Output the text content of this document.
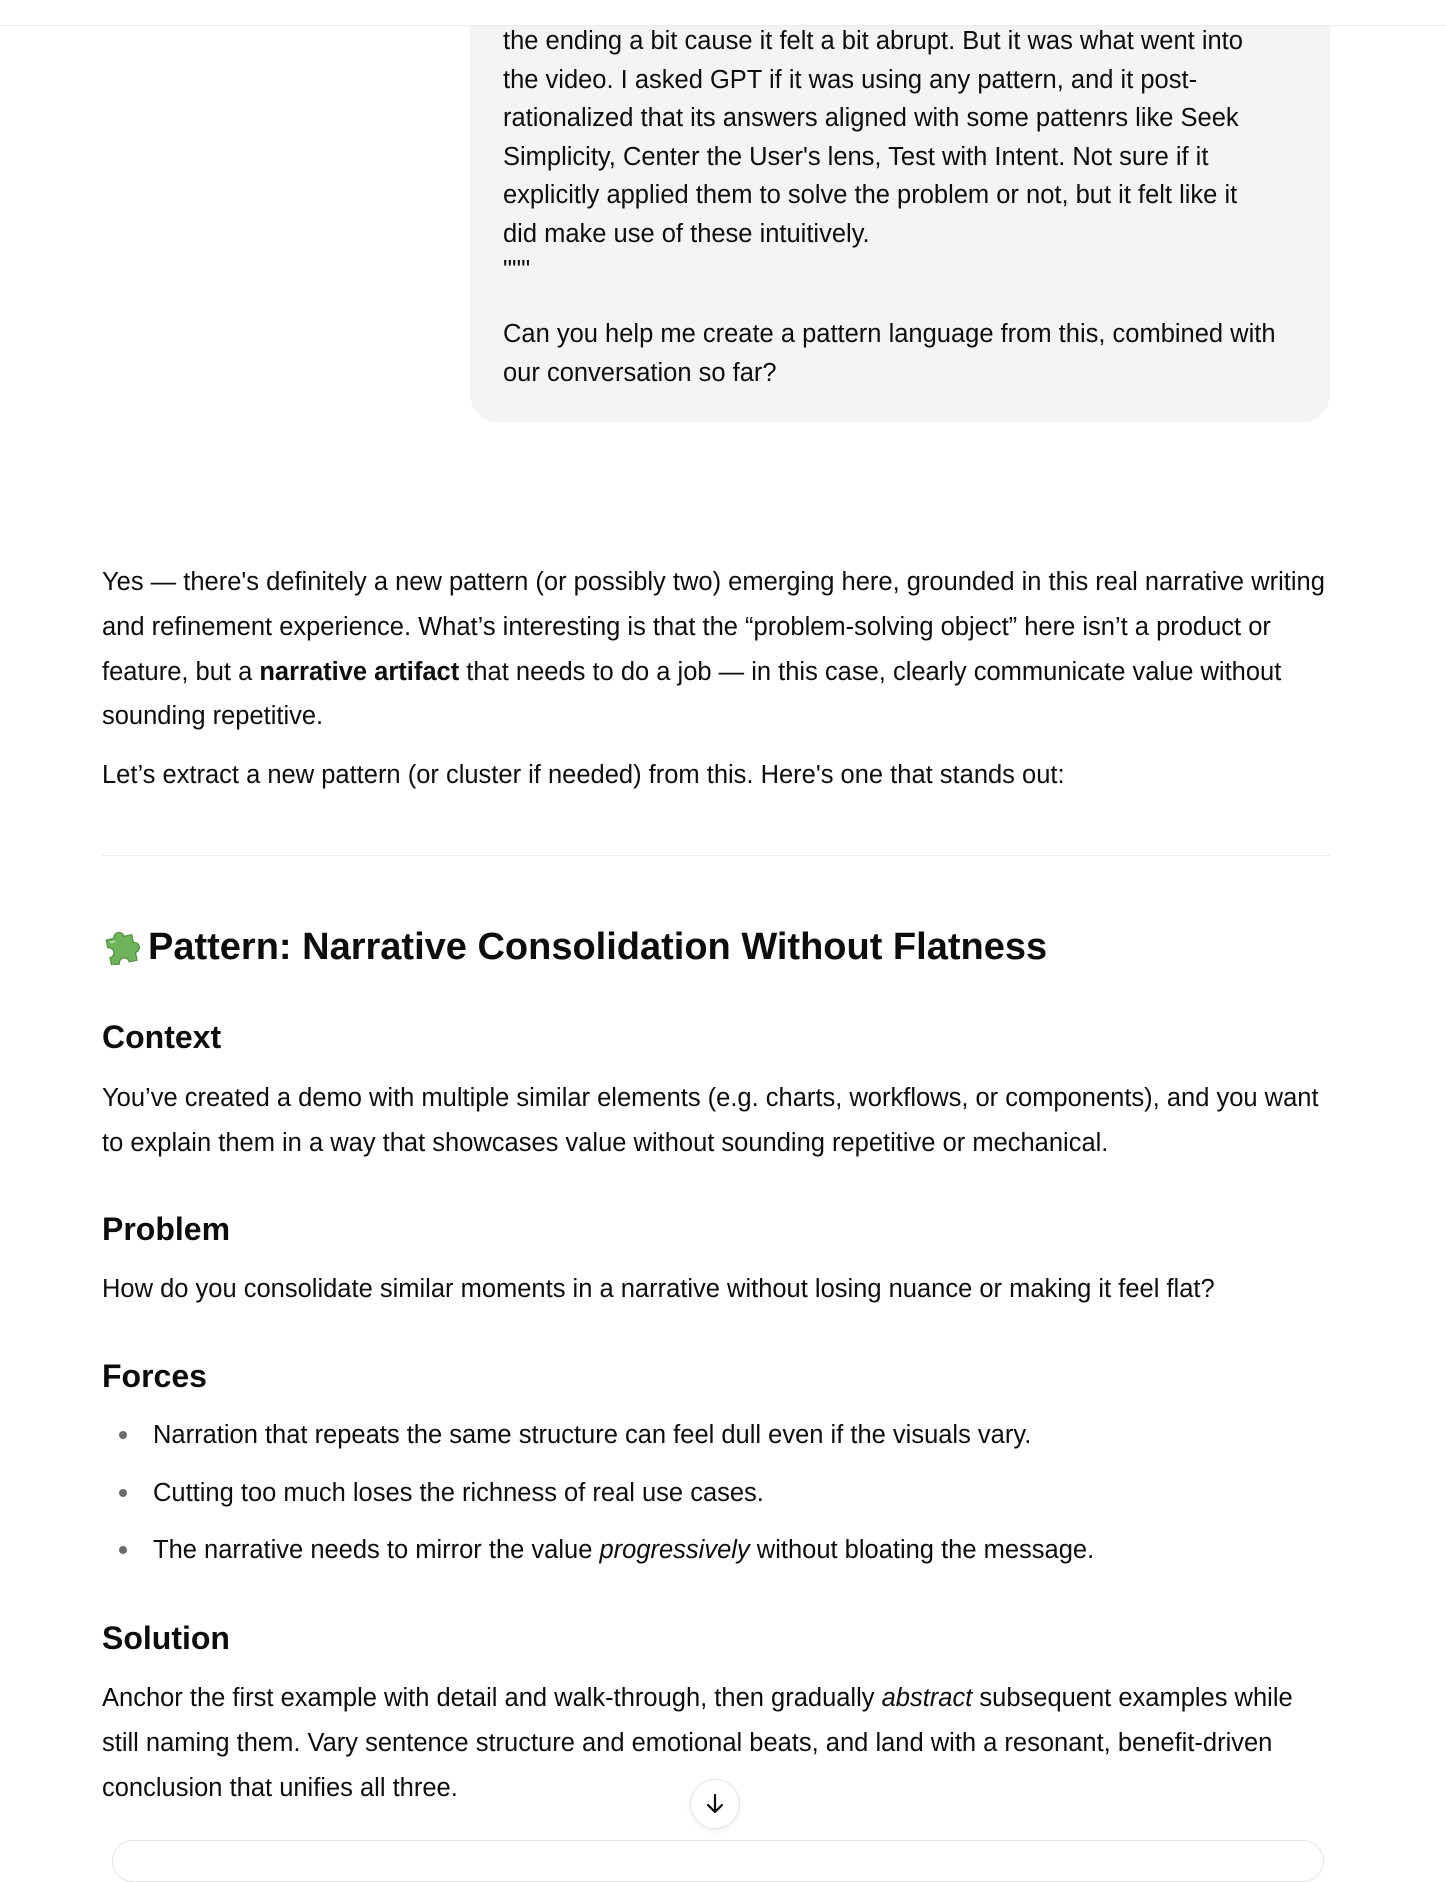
the ending a bit cause it felt a bit abrupt. But it was what went into

the video. I asked GPT if it was using any pattern, and it post-

rationalized that its answers aligned with some pattenrs like Seek

Simplicity, Center the User's lens, Test with Intent. Not sure if it

explicitly applied them to solve the problem or not, but it felt like it

did make use of these intuitively.

"""

Can you help me create a pattern language from this, combined with

our conversation so far?

Yes — there's definitely a new pattern (or possibly two) emerging here, grounded in this real narrative writing and refinement experience. What’s interesting is that the “problem-solving object” here isn’t a product or feature, but a narrative artifact that needs to do a job — in this case, clearly communicate value without sounding repetitive.

Let’s extract a new pattern (or cluster if needed) from this. Here's one that stands out:

Pattern: Narrative Consolidation Without Flatness
Context

You’ve created a demo with multiple similar elements (e.g. charts, workflows, or components), and you want to explain them in a way that showcases value without sounding repetitive or mechanical.

Problem

How do you consolidate similar moments in a narrative without losing nuance or making it feel flat?

Forces
Narration that repeats the same structure can feel dull even if the visuals vary.
Cutting too much loses the richness of real use cases.
The narrative needs to mirror the value progressively without bloating the message.
Solution

Anchor the first example with detail and walk-through, then gradually abstract subsequent examples while still naming them. Vary sentence structure and emotional beats, and land with a resonant, benefit-driven conclusion that unifies all three.
